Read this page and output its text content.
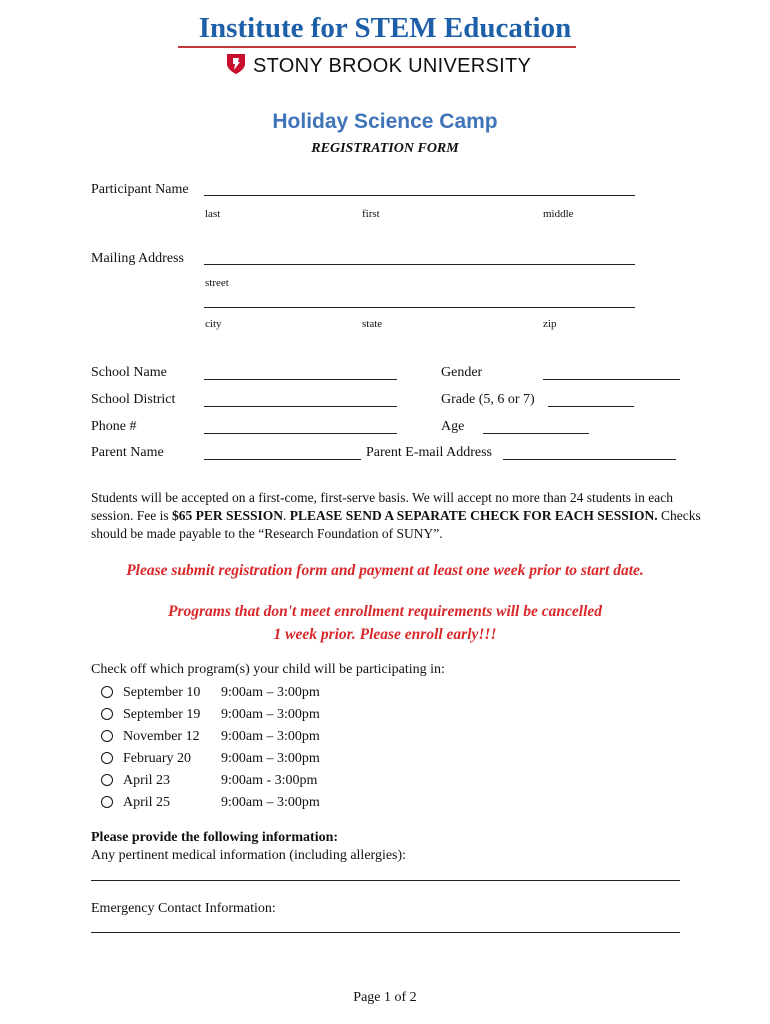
Institute for STEM Education
STONY BROOK UNIVERSITY
Holiday Science Camp
REGISTRATION FORM
Participant Name
last	first	middle
Mailing Address
street
city	state	zip
School Name	Gender
School District	Grade (5, 6 or 7)
Phone #	Age
Parent Name	Parent E-mail Address
Students will be accepted on a first-come, first-serve basis. We will accept no more than 24 students in each session. Fee is $65 PER SESSION. PLEASE SEND A SEPARATE CHECK FOR EACH SESSION. Checks should be made payable to the “Research Foundation of SUNY”.
Please submit registration form and payment at least one week prior to start date.
Programs that don't meet enrollment requirements will be cancelled
1 week prior. Please enroll early!!!
Check off which program(s) your child will be participating in:
September 10	9:00am – 3:00pm
September 19	9:00am – 3:00pm
November 12	9:00am – 3:00pm
February 20	9:00am – 3:00pm
April 23	9:00am - 3:00pm
April 25	9:00am – 3:00pm
Please provide the following information:
Any pertinent medical information (including allergies):
Emergency Contact Information:
Page 1 of 2
